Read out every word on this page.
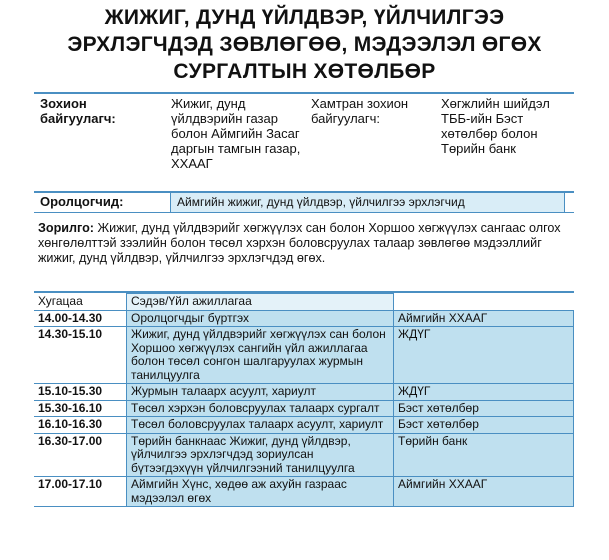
ЖИЖИГ, ДУНД ҮЙЛДВЭР, ҮЙЛЧИЛГЭЭ
ЭРХЛЭГЧДЭД ЗӨВЛӨГӨӨ, МЭДЭЭЛЭЛ ӨГӨХ
СУРГАЛТЫН ХӨТӨЛБӨР
Зохион байгуулагч:
Жижиг, дунд үйлдвэрийн газар болон Аймгийн Засаг даргын тамгын газар, ХХААГ
Хамтран зохион байгуулагч:
Хөгжлийн шийдэл ТББ-ийн Бэст хөтөлбөр болон Төрийн банк
Оролцогчид:	Аймгийн жижиг, дунд үйлдвэр, үйлчилгээ эрхлэгчид
Зорилго: Жижиг, дунд үйлдвэрийг хөгжүүлэх сан болон Хоршоо хөгжүүлэх сангаас олгох хөнгөлөлттэй зээлийн болон төсөл хэрхэн боловсруулах талаар зөвлөгөө мэдээллийг жижиг, дунд үйлдвэр, үйлчилгээ эрхлэгчдэд өгөх.
Хугацаа	Сэдэв/Үйл ажиллагаа	
14.00-14.30	Оролцогчдыг бүртгэх	Аймгийн ХХААГ
14.30-15.10	Жижиг, дунд үйлдвэрийг хөгжүүлэх сан болон Хоршоо хөгжүүлэх сангийн үйл ажиллагаа болон төсөл сонгон шалгаруулах журмын танилцуулга	ЖДҮГ
15.10-15.30	Журмын талаарх асуулт, хариулт	ЖДҮГ
15.30-16.10	Төсөл хэрхэн боловсруулах талаарх сургалт	Бэст хөтөлбөр
16.10-16.30	Төсөл боловсруулах талаарх асуулт, хариулт	Бэст хөтөлбөр
16.30-17.00	Төрийн банкнаас Жижиг, дунд үйлдвэр, үйлчилгээ эрхлэгчдэд зориулсан бүтээгдэхүүн үйлчилгээний танилцуулга	Төрийн банк
17.00-17.10	Аймгийн Хүнс, хөдөө аж ахуйн газраас мэдээлэл өгөх	Аймгийн ХХААГ
